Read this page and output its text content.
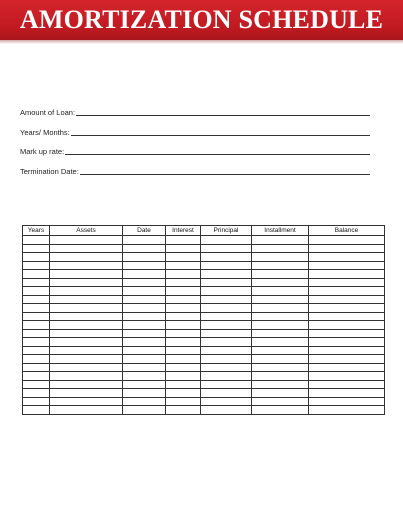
AMORTIZATION SCHEDULE
Amount of Loan:
Years/ Months:
Mark up rate:
Termination Date:
Years	Assets	Date	Interest	Principal	Installment	Balance
